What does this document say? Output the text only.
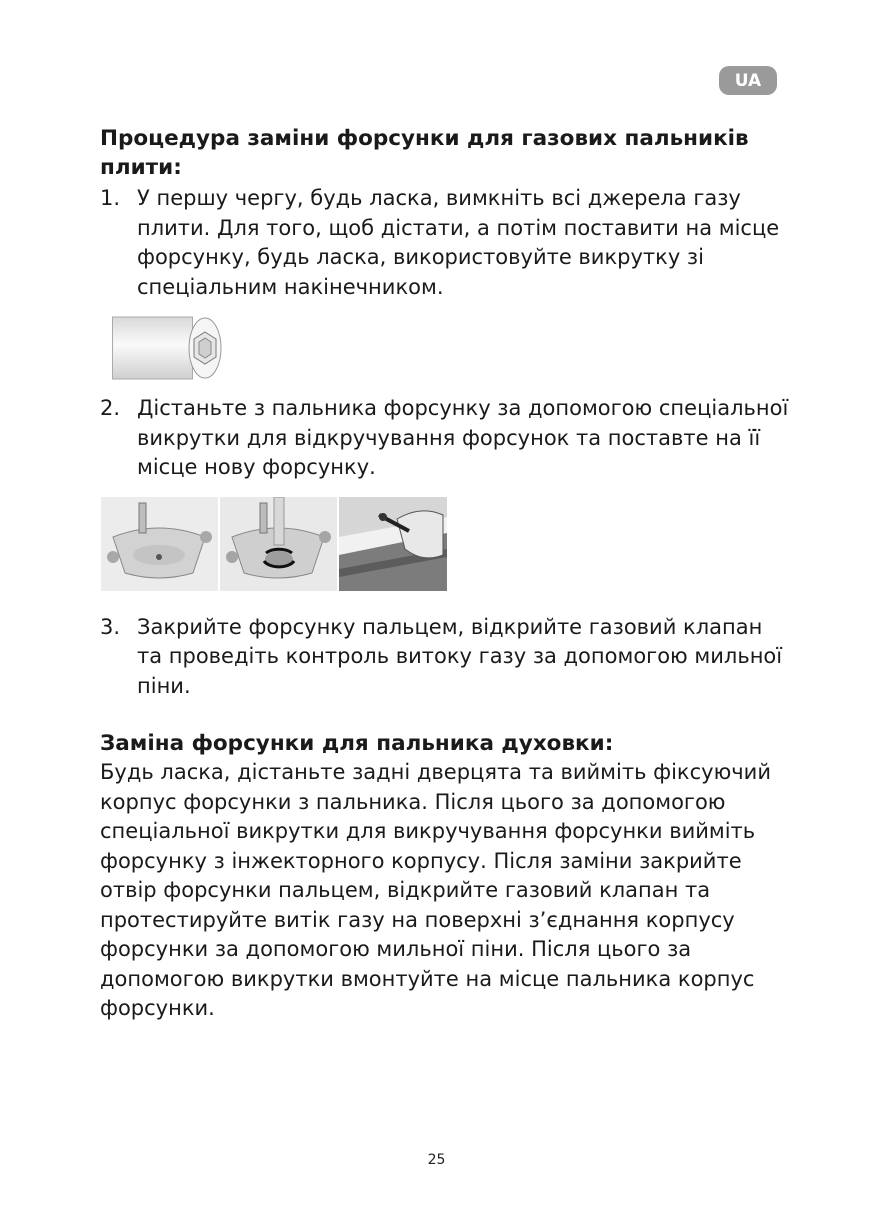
UA
Процедура заміни форсунки для газових пальників плити:
1. У першу чергу, будь ласка, вимкніть всі джерела газу плити. Для того, щоб дістати, а потім поставити на місце форсунку, будь ласка, використовуйте викрутку зі спеціальним накінечником.
2. Дістаньте з пальника форсунку за допомогою спеціальної викрутки для відкручування форсунок та поставте на її місце нову форсунку.
3. Закрийте форсунку пальцем, відкрийте газовий клапан та проведіть контроль витоку газу за допомогою мильної піни.
Заміна форсунки для пальника духовки:

Будь ласка, дістаньте задні дверцята та вийміть фіксуючий корпус форсунки з пальника. Після цього за допомогою спеціальної викрутки для викручування форсунки вийміть форсунку з інжекторного корпусу. Після заміни закрийте отвір форсунки пальцем, відкрийте газовий клапан та протестируйте витік газу на поверхні з’єднання корпусу форсунки за допомогою мильної піни. Після цього за допомогою викрутки вмонтуйте на місце пальника корпус форсунки.

25
